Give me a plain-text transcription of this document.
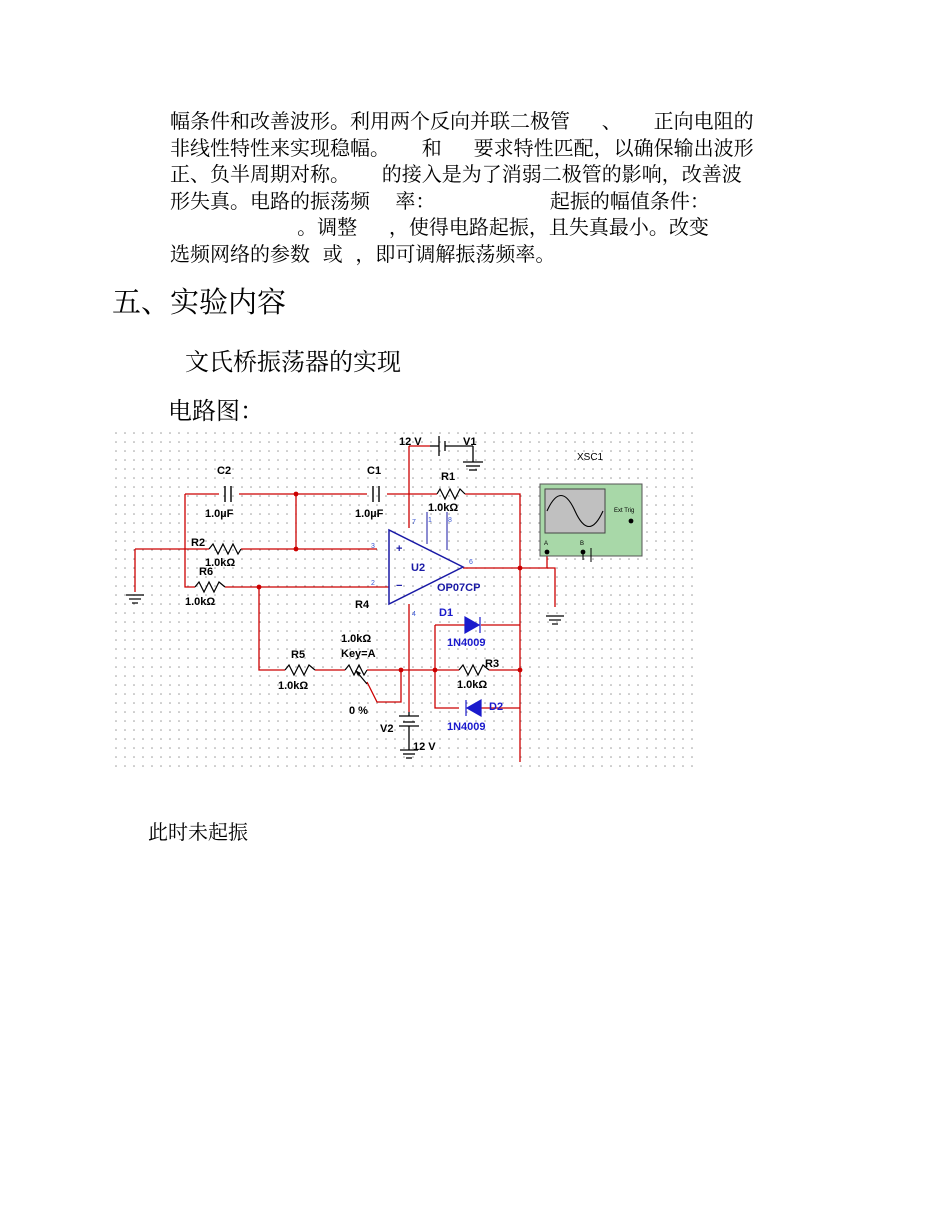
幅条件和改善波形。利用两个反向并联二极管     、     正向电阻的
非线性特性来实现稳幅。     和     要求特性匹配，以确保输出波形
正、负半周期对称。     的接入是为了消弱二极管的影响，改善波
形失真。电路的振荡频    率：                  起振的幅值条件：
。调整     ，使得电路起振，且失真最小。改变
选频网络的参数  或  ，即可调解振荡频率。
五、实验内容
文氏桥振荡器的实现
电路图：
C2
1.0µF
C1
1.0µF
R1
1.0kΩ
R2
1.0kΩ
R6
1.0kΩ
+
−
U2
OP07CP
3
2
6
7
4
1 8
R4
12 V	V1
XSC1
A	B
Ext Trig
D1
1N4009
R3
1.0kΩ
D2
1N4009
R5
1.0kΩ
1.0kΩ
Key=A
0 %
V2
12 V
此时未起振
